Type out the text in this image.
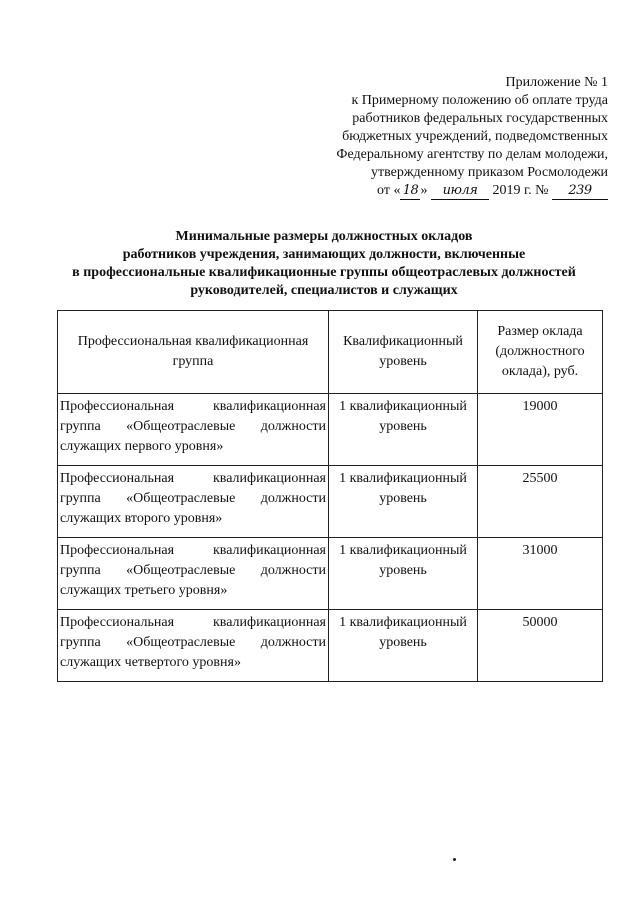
Приложение № 1
к Примерному положению об оплате труда
работников федеральных государственных
бюджетных учреждений, подведомственных
Федеральному агентству по делам молодежи,
утвержденному приказом Росмолодежи
от « 18 » июля 2019 г. № 239
Минимальные размеры должностных окладов
работников учреждения, занимающих должности, включенные
в профессиональные квалификационные группы общеотраслевых должностей
руководителей, специалистов и служащих
Профессиональная квалификационная группа	Квалификационный уровень	Размер оклада (должностного оклада), руб.
Профессиональная квалификационная группа «Общеотраслевые должности служащих первого уровня»	1 квалификационный уровень	19000
Профессиональная квалификационная группа «Общеотраслевые должности служащих второго уровня»	1 квалификационный уровень	25500
Профессиональная квалификационная группа «Общеотраслевые должности служащих третьего уровня»	1 квалификационный уровень	31000
Профессиональная квалификационная группа «Общеотраслевые должности служащих четвертого уровня»	1 квалификационный уровень	50000
